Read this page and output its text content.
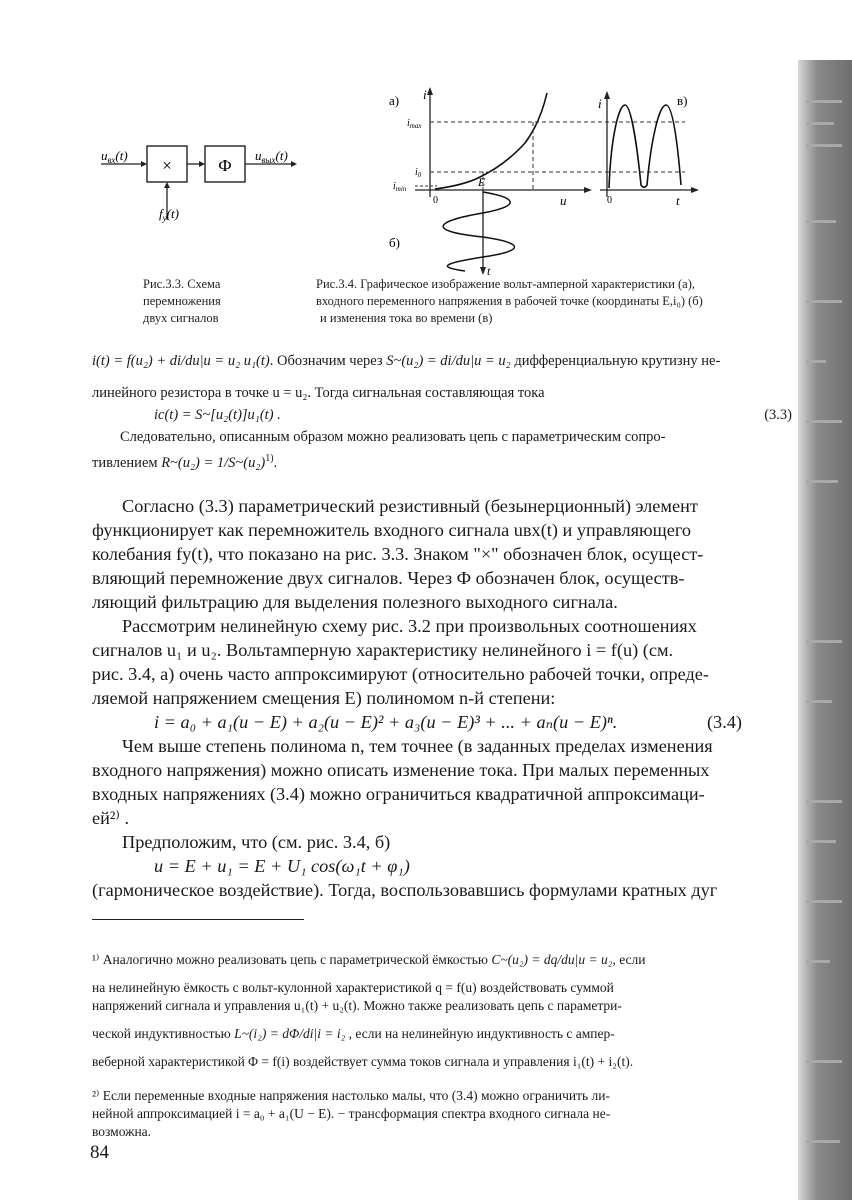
$u_{вх}(t)$
×	Ф
$u_{вых}(t)$
$f_y(t)$
а) i
u
0
$i_{max}$
$i_0$
$i_{min}$	E
б)
t
в)
i
t
0
Рис.3.3. Схема
перемножения
двух сигналов
Рис.3.4. Графическое изображение вольт-амперной характеристики (а),
входного переменного напряжения в рабочей точке (координаты E,i₀) (б)
и изменения тока во времени (в)
i(t) = f(u₂) + di/du|u = u₂ u₁(t). Обозначим через S~(u₂) = di/du|u = u₂ дифференциальную крутизну не-
линейного резистора в точке u = u₂. Тогда сигнальная составляющая тока
iс(t) = S~[u₂(t)]u₁(t) .	(3.3)
Следовательно, описанным образом можно реализовать цепь с параметрическим сопро-
тивлением R~(u₂) = $1/S\sim(u_2)^{1)}$.
Согласно (3.3) параметрический резистивный (безынерционный) элемент
функционирует как перемножитель входного сигнала uвх(t) и управляющего
колебания fy(t), что показано на рис. 3.3. Знаком "×" обозначен блок, осущест-
вляющий перемножение двух сигналов. Через Ф обозначен блок, осуществ-
ляющий фильтрацию для выделения полезного выходного сигнала.
Рассмотрим нелинейную схему рис. 3.2 при произвольных соотношениях
сигналов u₁ и u₂. Вольтамперную характеристику нелинейного i = f(u) (см.
рис. 3.4, а) очень часто аппроксимируют (относительно рабочей точки, опреде-
ляемой напряжением смещения E) полиномом n-й степени:
i = a₀ + a₁(u − E) + a₂(u − E)² + a₃(u − E)³ + ... + aₙ(u − E)ⁿ.	(3.4)
Чем выше степень полинома n, тем точнее (в заданных пределах изменения
входного напряжения) можно описать изменение тока. При малых переменных
входных напряжениях (3.4) можно ограничиться квадратичной аппроксимаци-
ей²⁾ .
Предположим, что (см. рис. 3.4, б)
u = E + u₁ = E + U₁ cos(ω₁t + φ₁)
(гармоническое воздействие). Тогда, воспользовавшись формулами кратных дуг
¹⁾ Аналогично можно реализовать цепь с параметрической ёмкостью C~(u₂) = dq/du|u = u₂, если
на нелинейную ёмкость с вольт-кулонной характеристикой q = f(u) воздействовать суммой
напряжений сигнала и управления u₁(t) + u₂(t). Можно также реализовать цепь с параметри-
ческой индуктивностью L~(i₂) = dΦ/di|i = i₂ , если на нелинейную индуктивность с ампер-
веберной характеристикой Φ = f(i) воздействует сумма токов сигнала и управления i₁(t) + i₂(t).
²⁾ Если переменные входные напряжения настолько малы, что (3.4) можно ограничить ли-
нейной аппроксимацией i = a₀ + a₁(U − E). − трансформация спектра входного сигнала не-
возможна.
84
